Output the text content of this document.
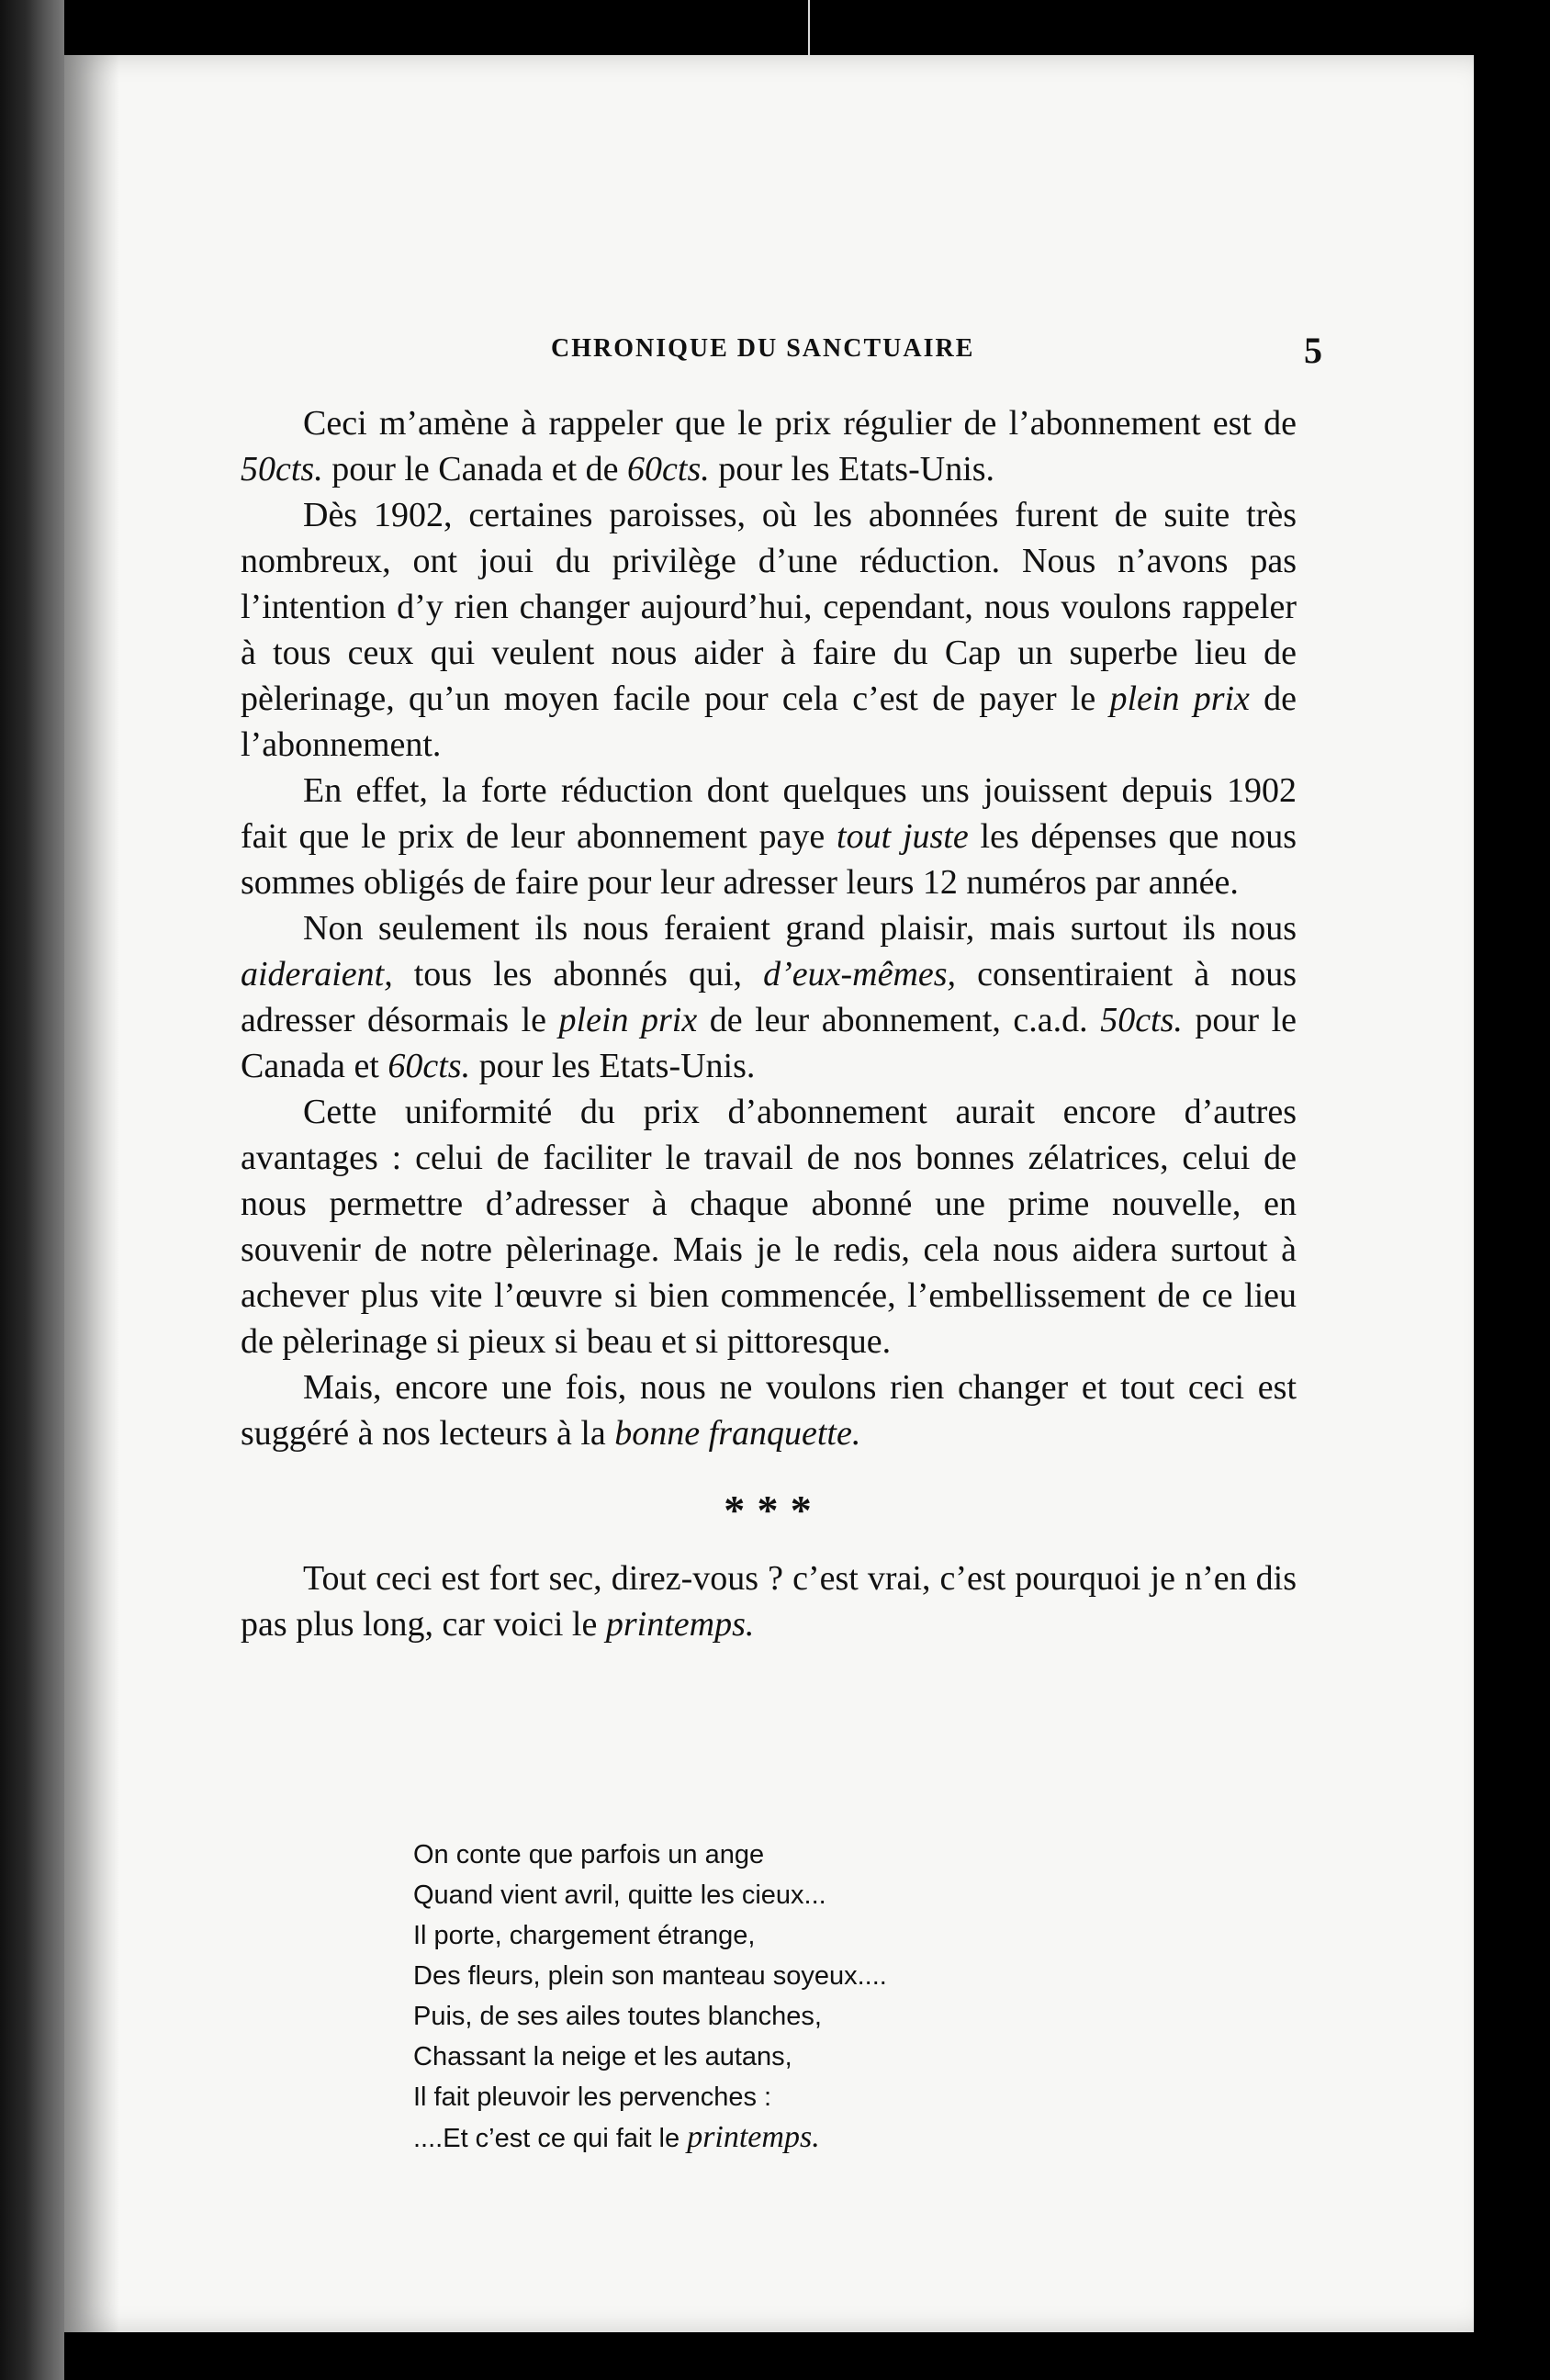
CHRONIQUE DU SANCTUAIRE	5

Ceci m’amène à rappeler que le prix régulier de l’abonnement est de 50cts. pour le Canada et de 60cts. pour les Etats-Unis.

Dès 1902, certaines paroisses, où les abonnées furent de suite très nombreux, ont joui du privilège d’une réduction. Nous n’avons pas l’intention d’y rien changer aujourd’hui, cependant, nous voulons rappeler à tous ceux qui veulent nous aider à faire du Cap un superbe lieu de pèlerinage, qu’un moyen facile pour cela c’est de payer le plein prix de l’abonnement.

En effet, la forte réduction dont quelques uns jouissent depuis 1902 fait que le prix de leur abonnement paye tout juste les dépenses que nous sommes obligés de faire pour leur adresser leurs 12 numéros par année.

Non seulement ils nous feraient grand plaisir, mais surtout ils nous aideraient, tous les abonnés qui, d’eux-mêmes, consentiraient à nous adresser désormais le plein prix de leur abonnement, c.a.d. 50cts. pour le Canada et 60cts. pour les Etats-Unis.

Cette uniformité du prix d’abonnement aurait encore d’autres avantages : celui de faciliter le travail de nos bonnes zélatrices, celui de nous permettre d’adresser à chaque abonné une prime nouvelle, en souvenir de notre pèlerinage. Mais je le redis, cela nous aidera surtout à achever plus vite l’œuvre si bien commencée, l’embellissement de ce lieu de pèlerinage si pieux si beau et si pittoresque.

Mais, encore une fois, nous ne voulons rien changer et tout ceci est suggéré à nos lecteurs à la bonne franquette.

* * *

Tout ceci est fort sec, direz-vous ? c’est vrai, c’est pourquoi je n’en dis pas plus long, car voici le printemps.

On conte que parfois un ange
Quand vient avril, quitte les cieux...
Il porte, chargement étrange,
Des fleurs, plein son manteau soyeux....
Puis, de ses ailes toutes blanches,
Chassant la neige et les autans,
Il fait pleuvoir les pervenches :
....Et c’est ce qui fait le printemps.
